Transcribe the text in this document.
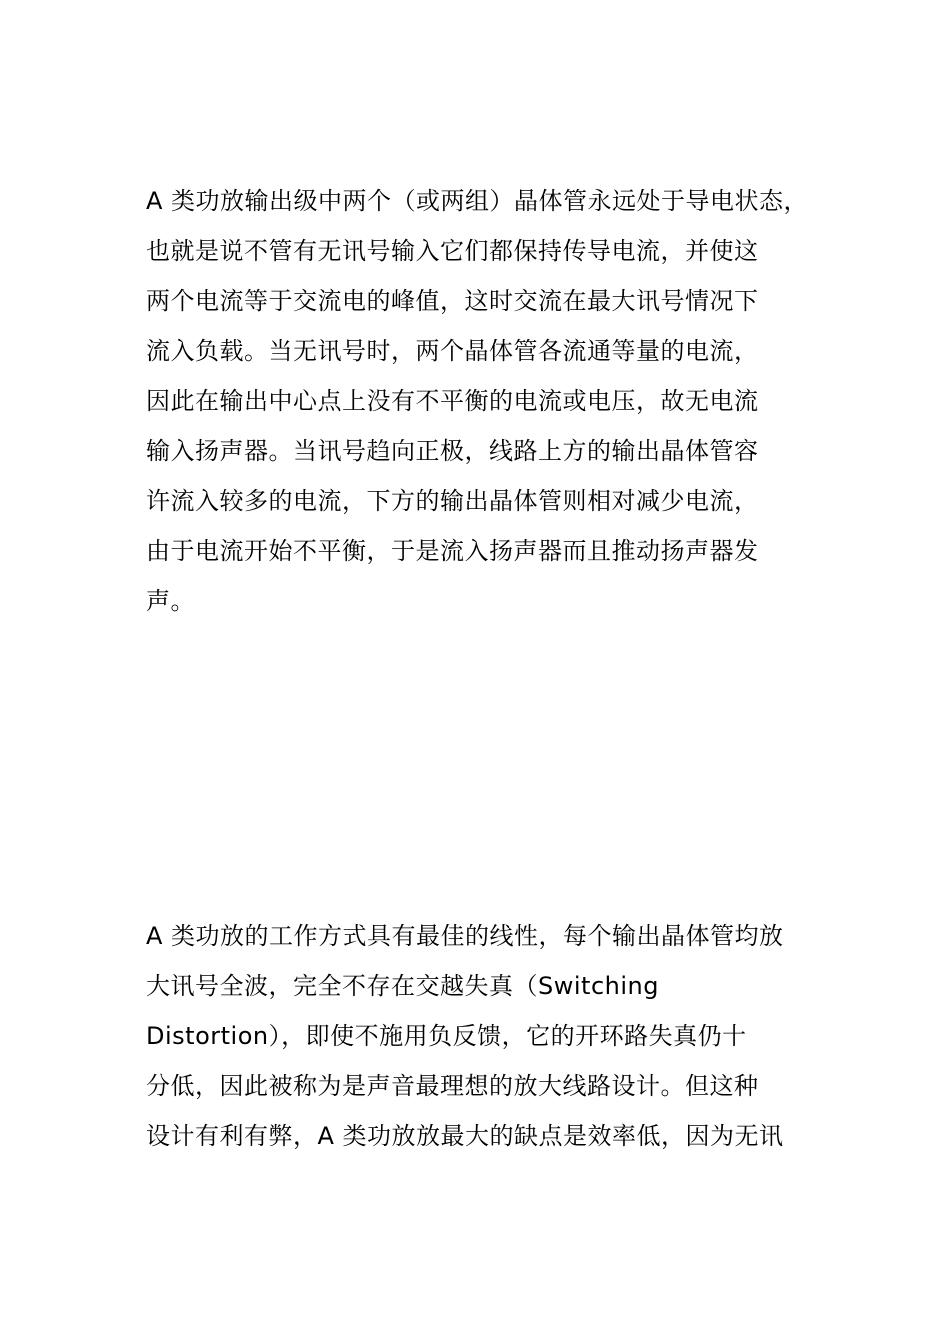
A 类功放输出级中两个（或两组）晶体管永远处于导电状态，
也就是说不管有无讯号输入它们都保持传导电流，并使这
两个电流等于交流电的峰值，这时交流在最大讯号情况下
流入负载。当无讯号时，两个晶体管各流通等量的电流，
因此在输出中心点上没有不平衡的电流或电压，故无电流
输入扬声器。当讯号趋向正极，线路上方的输出晶体管容
许流入较多的电流，下方的输出晶体管则相对减少电流，
由于电流开始不平衡，于是流入扬声器而且推动扬声器发
声。
A 类功放的工作方式具有最佳的线性，每个输出晶体管均放
大讯号全波，完全不存在交越失真（Switching
Distortion），即使不施用负反馈，它的开环路失真仍十
分低，因此被称为是声音最理想的放大线路设计。但这种
设计有利有弊，A 类功放放最大的缺点是效率低，因为无讯
